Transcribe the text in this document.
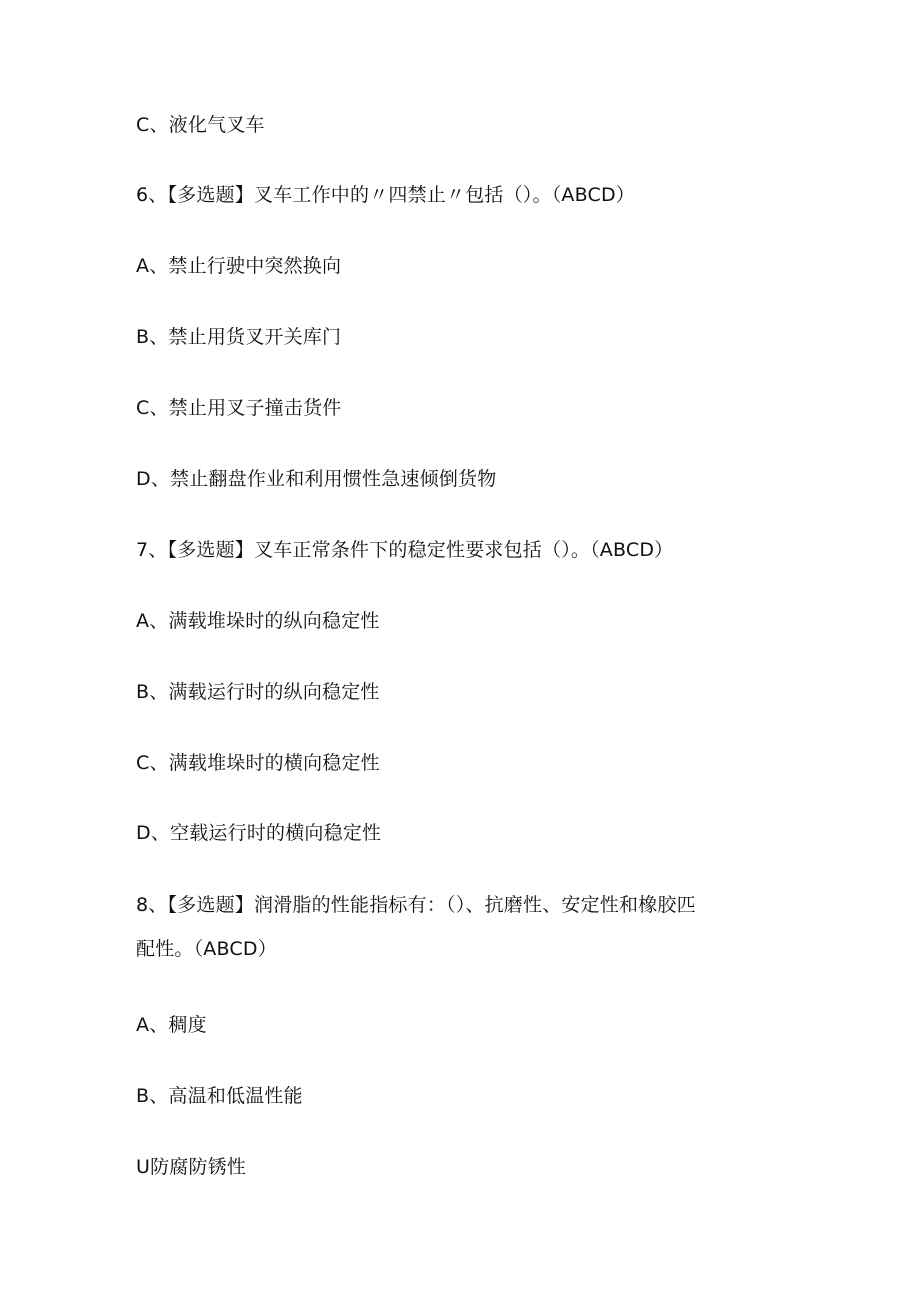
C、液化气叉车
6、【多选题】叉车工作中的〃四禁止〃包括（）。（ABCD）
A、禁止行驶中突然换向
B、禁止用货叉开关库门
C、禁止用叉子撞击货件
D、禁止翻盘作业和利用惯性急速倾倒货物
7、【多选题】叉车正常条件下的稳定性要求包括（）。（ABCD）
A、满载堆垛时的纵向稳定性
B、满载运行时的纵向稳定性
C、满载堆垛时的横向稳定性
D、空载运行时的横向稳定性
8、【多选题】润滑脂的性能指标有：（）、抗磨性、安定性和橡胶匹
配性。（ABCD）
A、稠度
B、高温和低温性能
U防腐防锈性
